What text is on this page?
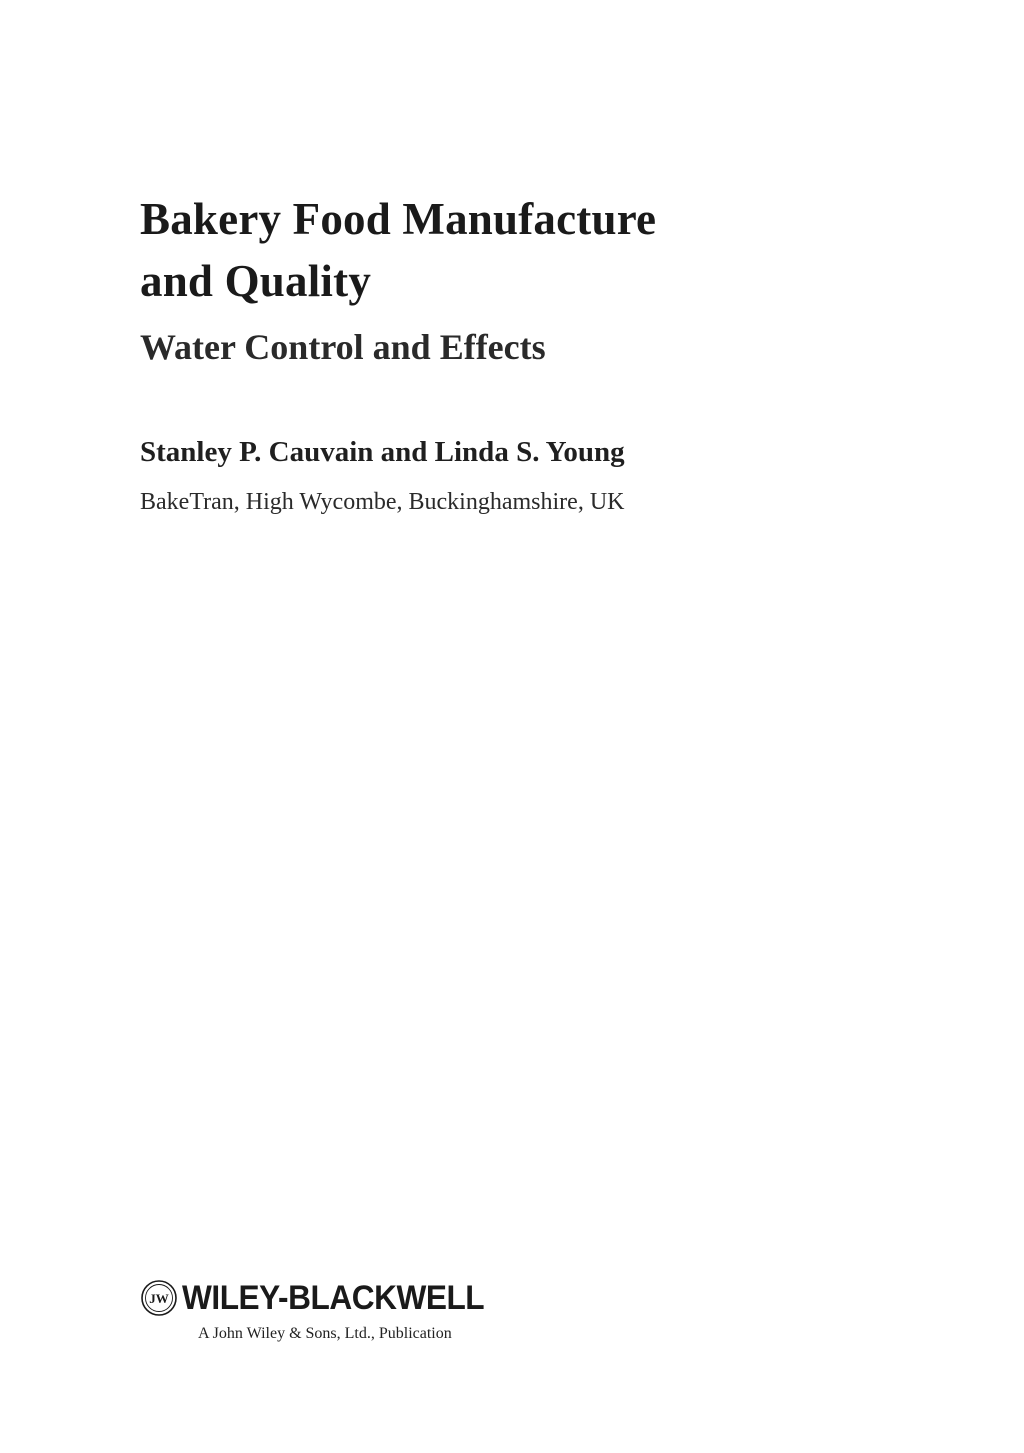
Bakery Food Manufacture
and Quality
Water Control and Effects

Stanley P. Cauvain and Linda S. Young

BakeTran, High Wycombe, Buckinghamshire, UK

JW WILEY-BLACKWELL
A John Wiley & Sons, Ltd., Publication
